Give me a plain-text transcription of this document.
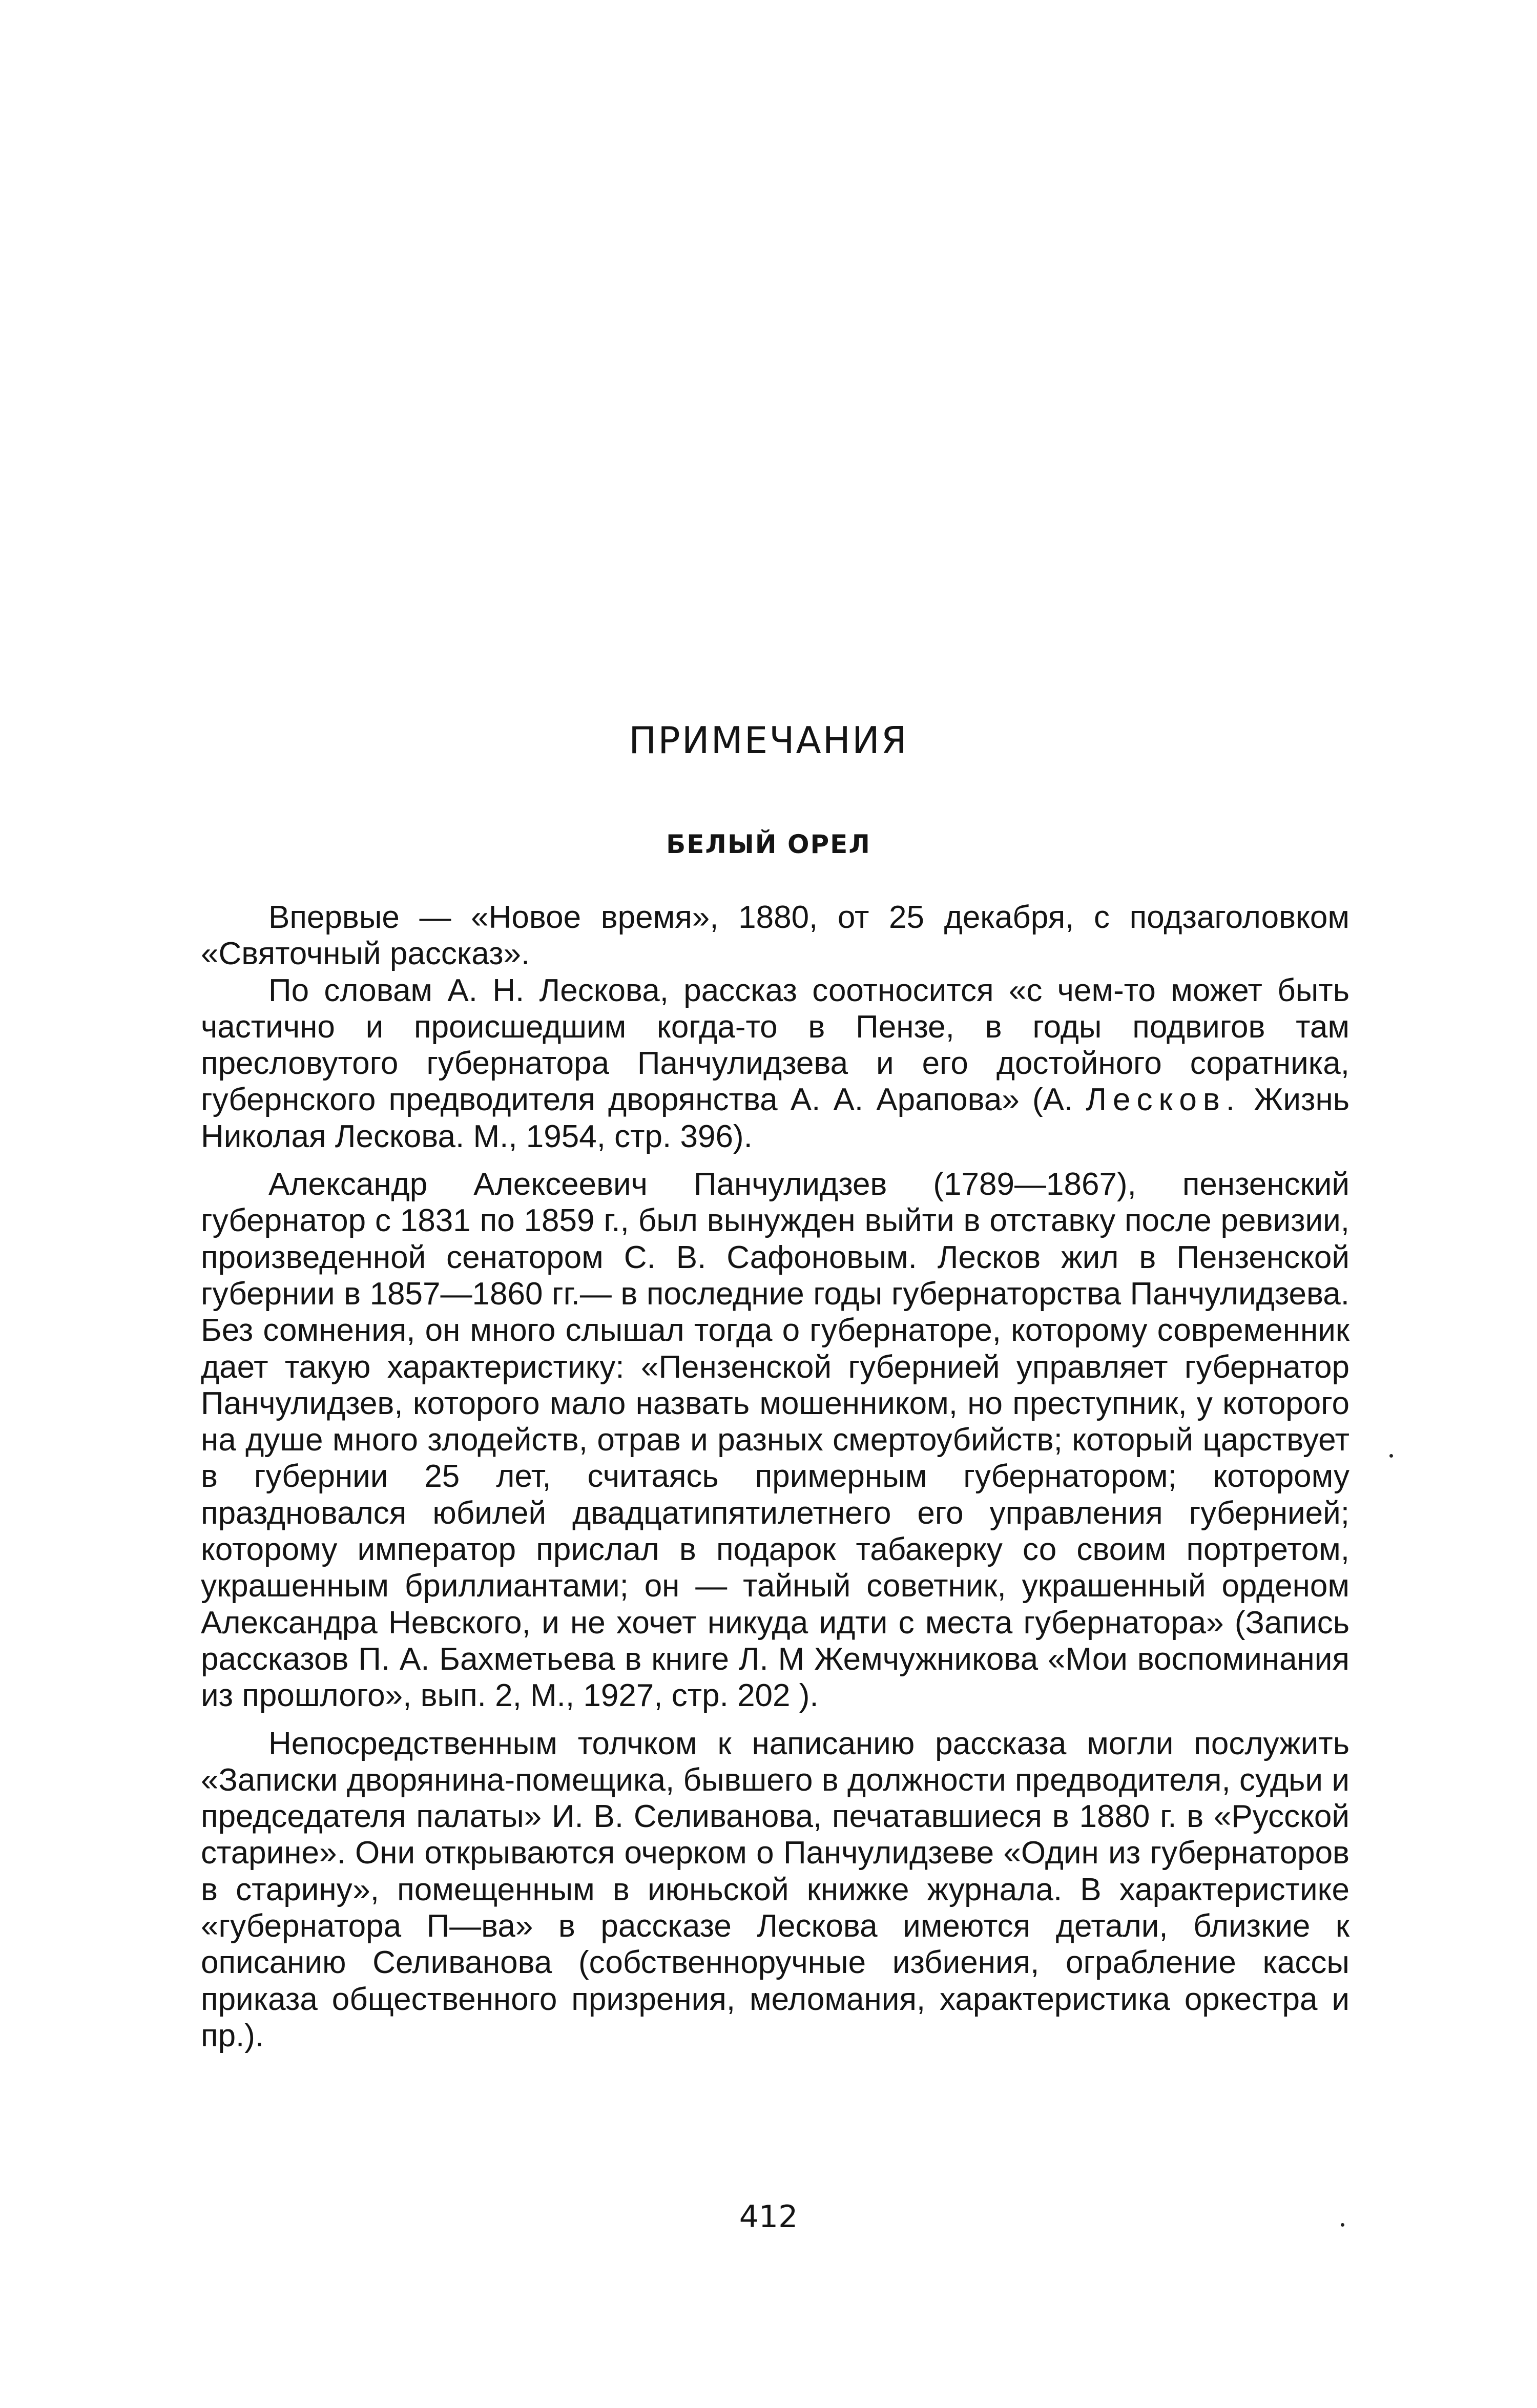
ПРИМЕЧАНИЯ
БЕЛЫЙ ОРЕЛ

Впервые — «Новое время», 1880, от 25 декабря, с подзаголовком «Святочный рассказ».

По словам А. Н. Лескова, рассказ соотносится «с чем-то может быть частично и происшедшим когда-то в Пензе, в годы подвигов там пресловутого губернатора Панчулидзева и его достойного соратника, губернского предводителя дворянства А. А. Арапова» (А. Лесков. Жизнь Николая Лескова. М., 1954, стр. 396).

Александр Алексеевич Панчулидзев (1789—1867), пензенский губернатор с 1831 по 1859 г., был вынужден выйти в отставку после ревизии, произведенной сенатором С. В. Сафоновым. Лесков жил в Пензенской губернии в 1857—1860 гг.— в последние годы губернаторства Панчулидзева. Без сомнения, он много слышал тогда о губернаторе, которому современник дает такую характеристику: «Пензенской губернией управляет губернатор Панчулидзев, которого мало назвать мошенником, но преступник, у которого на душе много злодейств, отрав и разных смертоубийств; который царствует в губернии 25 лет, считаясь примерным губернатором; которому праздновался юбилей двадцатипятилетнего его управления губернией; которому император прислал в подарок табакерку со своим портретом, украшенным бриллиантами; он — тайный советник, украшенный орденом Александра Невского, и не хочет никуда идти с места губернатора» (Запись рассказов П. А. Бахметьева в книге Л. М Жемчужникова «Мои воспоминания из прошлого», вып. 2, М., 1927, стр. 202 ).

Непосредственным толчком к написанию рассказа могли послужить «Записки дворянина-помещика, бывшего в должности предводителя, судьи и председателя палаты» И. В. Селиванова, печатавшиеся в 1880 г. в «Русской старине». Они открываются очерком о Панчулидзеве «Один из губернаторов в старину», помещенным в июньской книжке журнала. В характеристике «губернатора П—ва» в рассказе Лескова имеются детали, близкие к описанию Селиванова (собственноручные избиения, ограбление кассы приказа общественного призрения, меломания, характеристика оркестра и пр.).

412
